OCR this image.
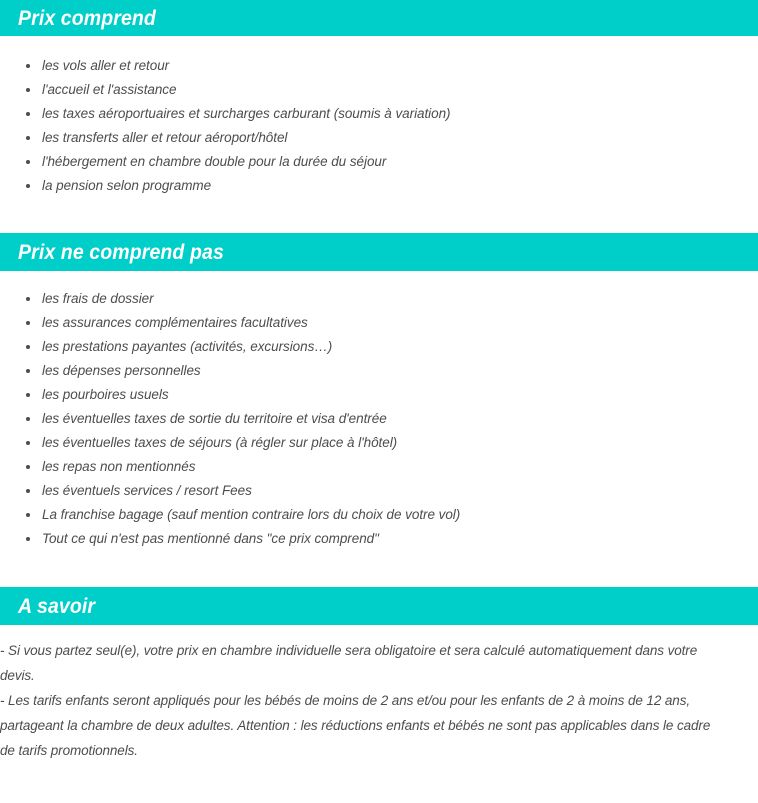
Prix comprend
les vols aller et retour
l'accueil et l'assistance
les taxes aéroportuaires et surcharges carburant (soumis à variation)
les transferts aller et retour aéroport/hôtel
l'hébergement en chambre double pour la durée du séjour
la pension selon programme
Prix ne comprend pas
les frais de dossier
les assurances complémentaires facultatives
les prestations payantes (activités, excursions…)
les dépenses personnelles
les pourboires usuels
les éventuelles taxes de sortie du territoire et visa d'entrée
les éventuelles taxes de séjours (à régler sur place à l'hôtel)
les repas non mentionnés
les éventuels services / resort Fees
La franchise bagage (sauf mention contraire lors du choix de votre vol)
Tout ce qui n'est pas mentionné dans "ce prix comprend"
A savoir

- Si vous partez seul(e), votre prix en chambre individuelle sera obligatoire et sera calculé automatiquement dans votre devis.

- Les tarifs enfants seront appliqués pour les bébés de moins de 2 ans et/ou pour les enfants de 2 à moins de 12 ans, partageant la chambre de deux adultes. Attention : les réductions enfants et bébés ne sont pas applicables dans le cadre de tarifs promotionnels.
